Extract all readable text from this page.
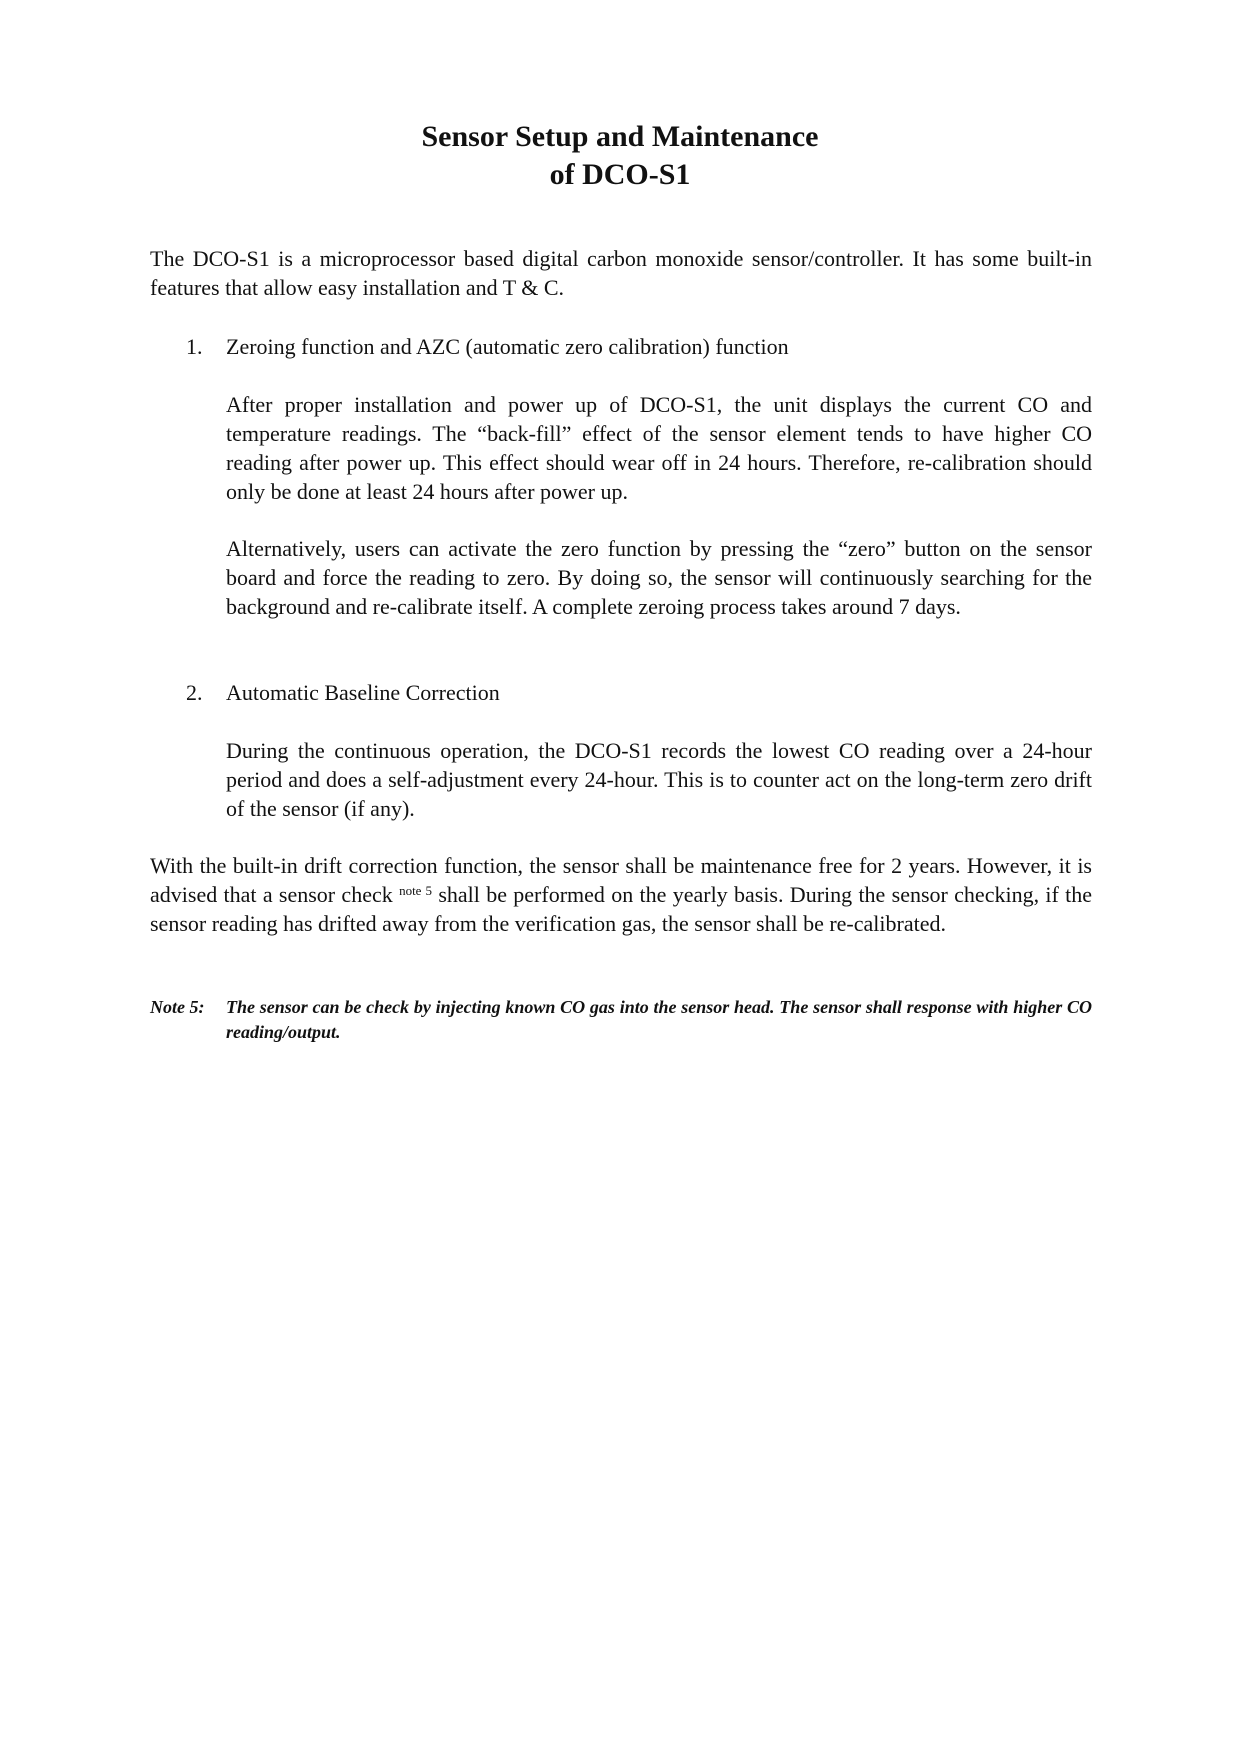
Sensor Setup and Maintenance
of DCO-S1
The DCO-S1 is a microprocessor based digital carbon monoxide sensor/controller. It has some built-in features that allow easy installation and T & C.
1. Zeroing function and AZC (automatic zero calibration) function
After proper installation and power up of DCO-S1, the unit displays the current CO and temperature readings. The “back-fill” effect of the sensor element tends to have higher CO reading after power up. This effect should wear off in 24 hours. Therefore, re-calibration should only be done at least 24 hours after power up.
Alternatively, users can activate the zero function by pressing the “zero” button on the sensor board and force the reading to zero. By doing so, the sensor will continuously searching for the background and re-calibrate itself. A complete zeroing process takes around 7 days.
2. Automatic Baseline Correction
During the continuous operation, the DCO-S1 records the lowest CO reading over a 24-hour period and does a self-adjustment every 24-hour. This is to counter act on the long-term zero drift of the sensor (if any).
With the built-in drift correction function, the sensor shall be maintenance free for 2 years. However, it is advised that a sensor check $^{note 5}$ shall be performed on the yearly basis. During the sensor checking, if the sensor reading has drifted away from the verification gas, the sensor shall be re-calibrated.
Note 5: The sensor can be check by injecting known CO gas into the sensor head. The sensor shall response with higher CO reading/output.
